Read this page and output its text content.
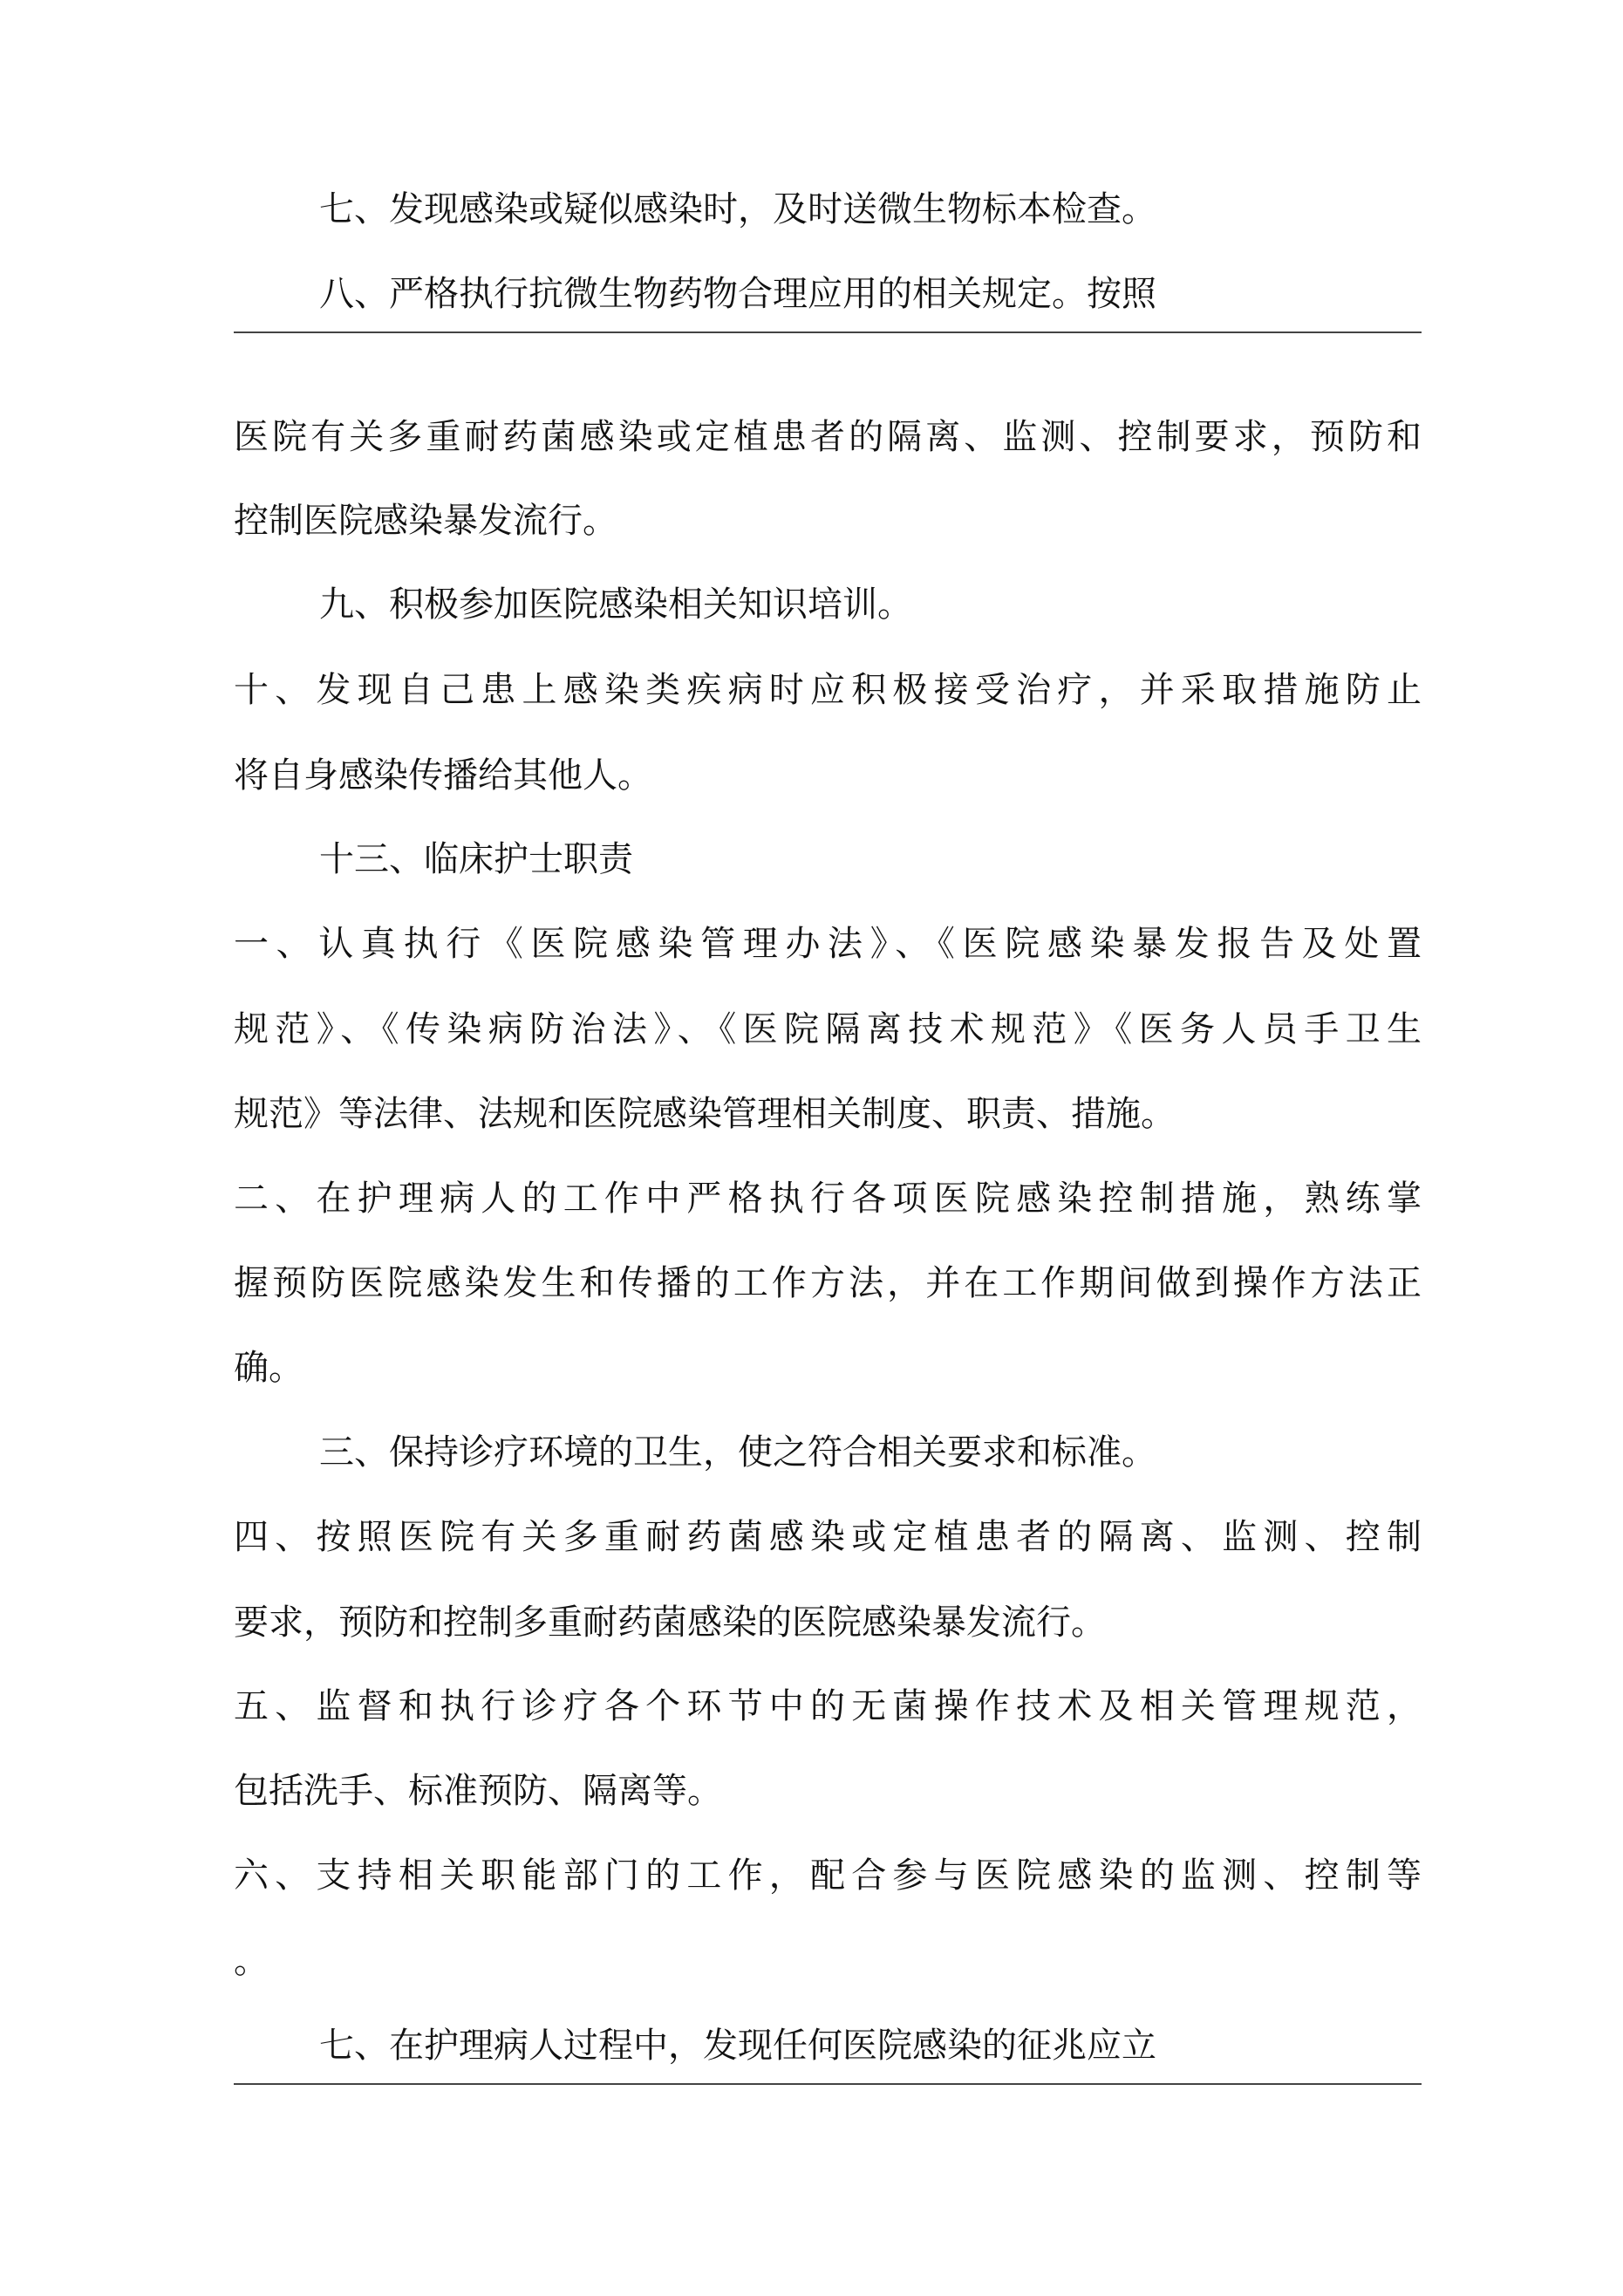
七、发现感染或疑似感染时，及时送微生物标本检查。

八、严格执行抗微生物药物合理应用的相关规定。按照

医院有关多重耐药菌感染或定植患者的隔离、监测、控制要求，预防和

控制医院感染暴发流行。

九、积极参加医院感染相关知识培训。

十、发现自己患上感染类疾病时应积极接受治疗，并采取措施防止

将自身感染传播给其他人。

十三、临床护士职责

一、认真执行《医院感染管理办法》、《医院感染暴发报告及处置

规范》、《传染病防治法》、《医院隔离技术规范》《医务人员手卫生

规范》等法律、法规和医院感染管理相关制度、职责、措施。

二、在护理病人的工作中严格执行各项医院感染控制措施，熟练掌

握预防医院感染发生和传播的工作方法，并在工作期间做到操作方法正

确。

三、保持诊疗环境的卫生，使之符合相关要求和标准。

四、按照医院有关多重耐药菌感染或定植患者的隔离、监测、控制

要求，预防和控制多重耐药菌感染的医院感染暴发流行。

五、监督和执行诊疗各个环节中的无菌操作技术及相关管理规范，

包括洗手、标准预防、隔离等。

六、支持相关职能部门的工作，配合参与医院感染的监测、控制等

。

七、在护理病人过程中，发现任何医院感染的征兆应立
